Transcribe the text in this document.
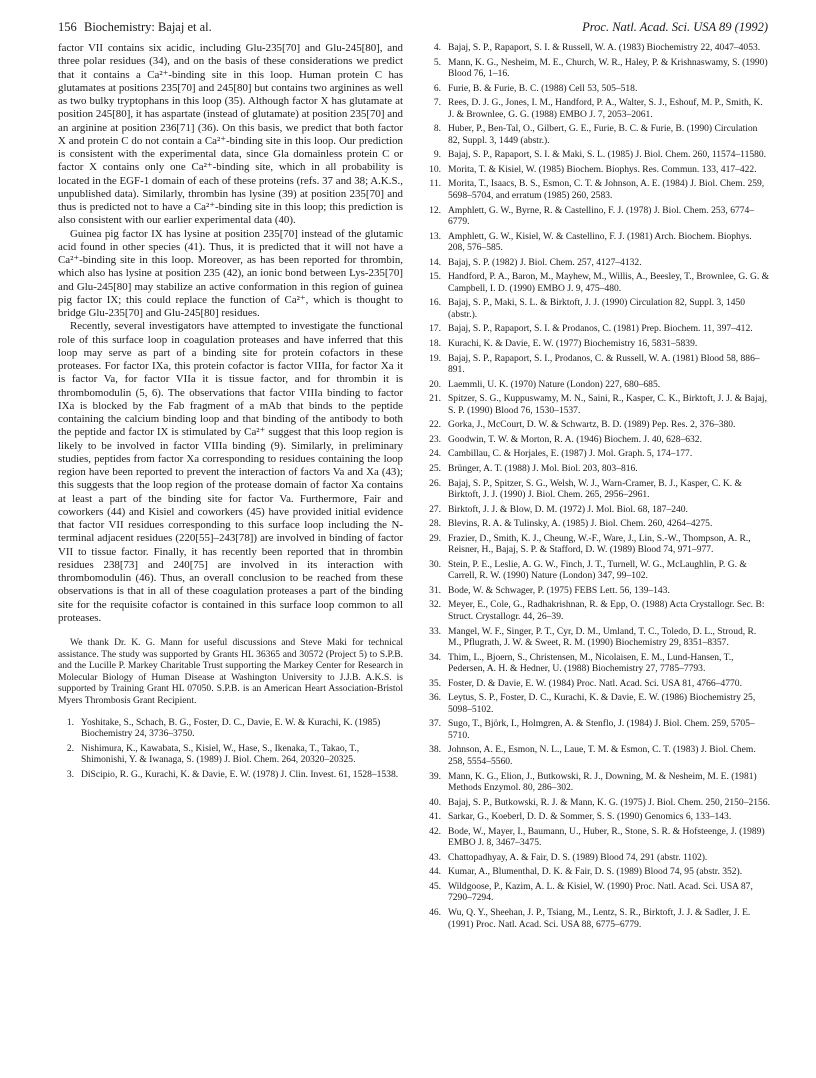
156 Biochemistry: Bajaj et al.	Proc. Natl. Acad. Sci. USA 89 (1992)

factor VII contains six acidic, including Glu-235[70] and Glu-245[80], and three polar residues (34), and on the basis of these considerations we predict that it contains a Ca²⁺-binding site in this loop. Human protein C has glutamates at positions 235[70] and 245[80] but contains two arginines as well as two bulky tryptophans in this loop (35). Although factor X has glutamate at position 245[80], it has aspartate (instead of glutamate) at position 235[70] and an arginine at position 236[71] (36). On this basis, we predict that both factor X and protein C do not contain a Ca²⁺-binding site in this loop. Our prediction is consistent with the experimental data, since Gla domainless protein C or factor X contains only one Ca²⁺-binding site, which in all probability is located in the EGF-1 domain of each of these proteins (refs. 37 and 38; A.K.S., unpublished data). Similarly, thrombin has lysine (39) at position 235[70] and thus is predicted not to have a Ca²⁺-binding site in this loop; this prediction is also consistent with our earlier experimental data (40).

Guinea pig factor IX has lysine at position 235[70] instead of the glutamic acid found in other species (41). Thus, it is predicted that it will not have a Ca²⁺-binding site in this loop. Moreover, as has been reported for thrombin, which also has lysine at position 235 (42), an ionic bond between Lys-235[70] and Glu-245[80] may stabilize an active conformation in this region of guinea pig factor IX; this could replace the function of Ca²⁺, which is thought to bridge Glu-235[70] and Glu-245[80] residues.

Recently, several investigators have attempted to investigate the functional role of this surface loop in coagulation proteases and have inferred that this loop may serve as part of a binding site for protein cofactors in these proteases. For factor IXa, this protein cofactor is factor VIIIa, for factor Xa it is factor Va, for factor VIIa it is tissue factor, and for thrombin it is thrombomodulin (5, 6). The observations that factor VIIIa binding to factor IXa is blocked by the Fab fragment of a mAb that binds to the peptide containing the calcium binding loop and that binding of the antibody to both the peptide and factor IX is stimulated by Ca²⁺ suggest that this loop region is likely to be involved in factor VIIIa binding (9). Similarly, in preliminary studies, peptides from factor Xa corresponding to residues containing the loop region have been reported to prevent the interaction of factors Va and Xa (43); this suggests that the loop region of the protease domain of factor Xa contains at least a part of the binding site for factor Va. Furthermore, Fair and coworkers (44) and Kisiel and coworkers (45) have provided initial evidence that factor VII residues corresponding to this surface loop including the N-terminal adjacent residues (220[55]–243[78]) are involved in binding of factor VII to tissue factor. Finally, it has recently been reported that in thrombin residues 238[73] and 240[75] are involved in its interaction with thrombomodulin (46). Thus, an overall conclusion to be reached from these observations is that in all of these coagulation proteases a part of the binding site for the requisite cofactor is contained in this surface loop common to all proteases.

We thank Dr. K. G. Mann for useful discussions and Steve Maki for technical assistance. The study was supported by Grants HL 36365 and 30572 (Project 5) to S.P.B. and the Lucille P. Markey Charitable Trust supporting the Markey Center for Research in Molecular Biology of Human Disease at Washington University to J.J.B. A.K.S. is supported by Training Grant HL 07050. S.P.B. is an American Heart Association-Bristol Myers Thrombosis Grant Recipient.

1. Yoshitake, S., Schach, B. G., Foster, D. C., Davie, E. W. & Kurachi, K. (1985) Biochemistry 24, 3736–3750.
2. Nishimura, K., Kawabata, S., Kisiel, W., Hase, S., Ikenaka, T., Takao, T., Shimonishi, Y. & Iwanaga, S. (1989) J. Biol. Chem. 264, 20320–20325.
3. DiScipio, R. G., Kurachi, K. & Davie, E. W. (1978) J. Clin. Invest. 61, 1528–1538.
4. Bajaj, S. P., Rapaport, S. I. & Russell, W. A. (1983) Biochemistry 22, 4047–4053.
5. Mann, K. G., Nesheim, M. E., Church, W. R., Haley, P. & Krishnaswamy, S. (1990) Blood 76, 1–16.
6. Furie, B. & Furie, B. C. (1988) Cell 53, 505–518.
7. Rees, D. J. G., Jones, I. M., Handford, P. A., Walter, S. J., Eshouf, M. P., Smith, K. J. & Brownlee, G. G. (1988) EMBO J. 7, 2053–2061.
8. Huber, P., Ben-Tal, O., Gilbert, G. E., Furie, B. C. & Furie, B. (1990) Circulation 82, Suppl. 3, 1449 (abstr.).
9. Bajaj, S. P., Rapaport, S. I. & Maki, S. L. (1985) J. Biol. Chem. 260, 11574–11580.
10. Morita, T. & Kisiel, W. (1985) Biochem. Biophys. Res. Commun. 133, 417–422.
11. Morita, T., Isaacs, B. S., Esmon, C. T. & Johnson, A. E. (1984) J. Biol. Chem. 259, 5698–5704, and erratum (1985) 260, 2583.
12. Amphlett, G. W., Byrne, R. & Castellino, F. J. (1978) J. Biol. Chem. 253, 6774–6779.
13. Amphlett, G. W., Kisiel, W. & Castellino, F. J. (1981) Arch. Biochem. Biophys. 208, 576–585.
14. Bajaj, S. P. (1982) J. Biol. Chem. 257, 4127–4132.
15. Handford, P. A., Baron, M., Mayhew, M., Willis, A., Beesley, T., Brownlee, G. G. & Campbell, I. D. (1990) EMBO J. 9, 475–480.
16. Bajaj, S. P., Maki, S. L. & Birktoft, J. J. (1990) Circulation 82, Suppl. 3, 1450 (abstr.).
17. Bajaj, S. P., Rapaport, S. I. & Prodanos, C. (1981) Prep. Biochem. 11, 397–412.
18. Kurachi, K. & Davie, E. W. (1977) Biochemistry 16, 5831–5839.
19. Bajaj, S. P., Rapaport, S. I., Prodanos, C. & Russell, W. A. (1981) Blood 58, 886–891.
20. Laemmli, U. K. (1970) Nature (London) 227, 680–685.
21. Spitzer, S. G., Kuppuswamy, M. N., Saini, R., Kasper, C. K., Birktoft, J. J. & Bajaj, S. P. (1990) Blood 76, 1530–1537.
22. Gorka, J., McCourt, D. W. & Schwartz, B. D. (1989) Pep. Res. 2, 376–380.
23. Goodwin, T. W. & Morton, R. A. (1946) Biochem. J. 40, 628–632.
24. Cambillau, C. & Horjales, E. (1987) J. Mol. Graph. 5, 174–177.
25. Brünger, A. T. (1988) J. Mol. Biol. 203, 803–816.
26. Bajaj, S. P., Spitzer, S. G., Welsh, W. J., Warn-Cramer, B. J., Kasper, C. K. & Birktoft, J. J. (1990) J. Biol. Chem. 265, 2956–2961.
27. Birktoft, J. J. & Blow, D. M. (1972) J. Mol. Biol. 68, 187–240.
28. Blevins, R. A. & Tulinsky, A. (1985) J. Biol. Chem. 260, 4264–4275.
29. Frazier, D., Smith, K. J., Cheung, W.-F., Ware, J., Lin, S.-W., Thompson, A. R., Reisner, H., Bajaj, S. P. & Stafford, D. W. (1989) Blood 74, 971–977.
30. Stein, P. E., Leslie, A. G. W., Finch, J. T., Turnell, W. G., McLaughlin, P. G. & Carrell, R. W. (1990) Nature (London) 347, 99–102.
31. Bode, W. & Schwager, P. (1975) FEBS Lett. 56, 139–143.
32. Meyer, E., Cole, G., Radhakrishnan, R. & Epp, O. (1988) Acta Crystallogr. Sec. B: Struct. Crystallogr. 44, 26–39.
33. Mangel, W. F., Singer, P. T., Cyr, D. M., Umland, T. C., Toledo, D. L., Stroud, R. M., Pflugrath, J. W. & Sweet, R. M. (1990) Biochemistry 29, 8351–8357.
34. Thim, L., Bjoern, S., Christensen, M., Nicolaisen, E. M., Lund-Hansen, T., Pedersen, A. H. & Hedner, U. (1988) Biochemistry 27, 7785–7793.
35. Foster, D. & Davie, E. W. (1984) Proc. Natl. Acad. Sci. USA 81, 4766–4770.
36. Leytus, S. P., Foster, D. C., Kurachi, K. & Davie, E. W. (1986) Biochemistry 25, 5098–5102.
37. Sugo, T., Björk, I., Holmgren, A. & Stenflo, J. (1984) J. Biol. Chem. 259, 5705–5710.
38. Johnson, A. E., Esmon, N. L., Laue, T. M. & Esmon, C. T. (1983) J. Biol. Chem. 258, 5554–5560.
39. Mann, K. G., Elion, J., Butkowski, R. J., Downing, M. & Nesheim, M. E. (1981) Methods Enzymol. 80, 286–302.
40. Bajaj, S. P., Butkowski, R. J. & Mann, K. G. (1975) J. Biol. Chem. 250, 2150–2156.
41. Sarkar, G., Koeberl, D. D. & Sommer, S. S. (1990) Genomics 6, 133–143.
42. Bode, W., Mayer, I., Baumann, U., Huber, R., Stone, S. R. & Hofsteenge, J. (1989) EMBO J. 8, 3467–3475.
43. Chattopadhyay, A. & Fair, D. S. (1989) Blood 74, 291 (abstr. 1102).
44. Kumar, A., Blumenthal, D. K. & Fair, D. S. (1989) Blood 74, 95 (abstr. 352).
45. Wildgoose, P., Kazim, A. L. & Kisiel, W. (1990) Proc. Natl. Acad. Sci. USA 87, 7290–7294.
46. Wu, Q. Y., Sheehan, J. P., Tsiang, M., Lentz, S. R., Birktoft, J. J. & Sadler, J. E. (1991) Proc. Natl. Acad. Sci. USA 88, 6775–6779.
